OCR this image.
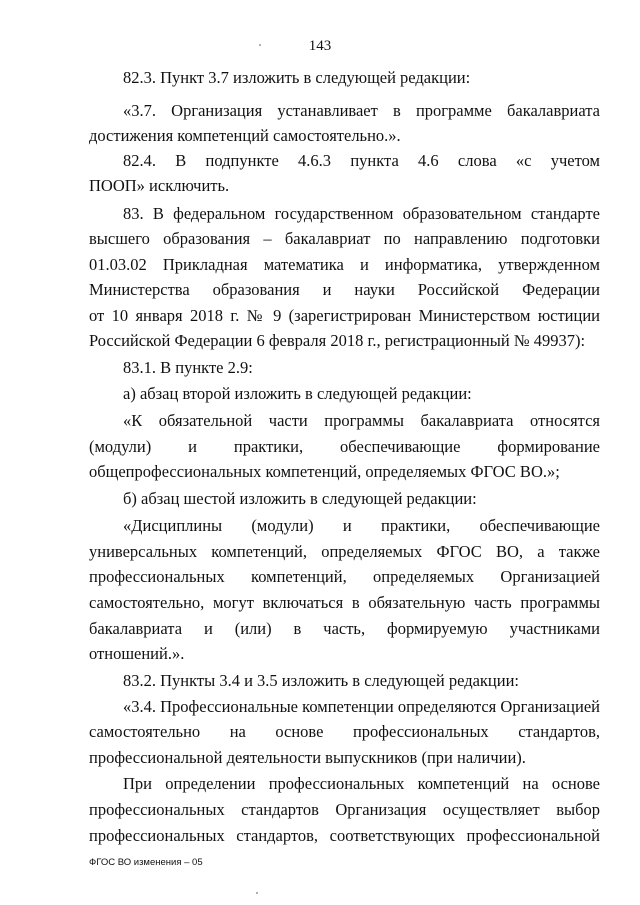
143
82.3. Пункт 3.7 изложить в следующей редакции:
«3.7. Организация устанавливает в программе бакалавриата
достижения компетенций самостоятельно.».
82.4. В подпункте 4.6.3 пункта 4.6 слова «с учетом
ПООП» исключить.
83. В федеральном государственном образовательном стандарте
высшего образования – бакалавриат по направлению подготовки
01.03.02 Прикладная математика и информатика, утвержденном
Министерства образования и науки Российской Федерации
от 10 января 2018 г. № 9 (зарегистрирован Министерством юстиции
Российской Федерации 6 февраля 2018 г., регистрационный № 49937):
83.1. В пункте 2.9:
а) абзац второй изложить в следующей редакции:
«К обязательной части программы бакалавриата относятся
(модули) и практики, обеспечивающие формирование
общепрофессиональных компетенций, определяемых ФГОС ВО.»;
б) абзац шестой изложить в следующей редакции:
«Дисциплины (модули) и практики, обеспечивающие
универсальных компетенций, определяемых ФГОС ВО, а также
профессиональных компетенций, определяемых Организацией
самостоятельно, могут включаться в обязательную часть программы
бакалавриата и (или) в часть, формируемую участниками
отношений.».
83.2. Пункты 3.4 и 3.5 изложить в следующей редакции:
«3.4. Профессиональные компетенции определяются Организацией
самостоятельно на основе профессиональных стандартов,
профессиональной деятельности выпускников (при наличии).
При определении профессиональных компетенций на основе
профессиональных стандартов Организация осуществляет выбор
профессиональных стандартов, соответствующих профессиональной
ФГОС ВО изменения – 05
